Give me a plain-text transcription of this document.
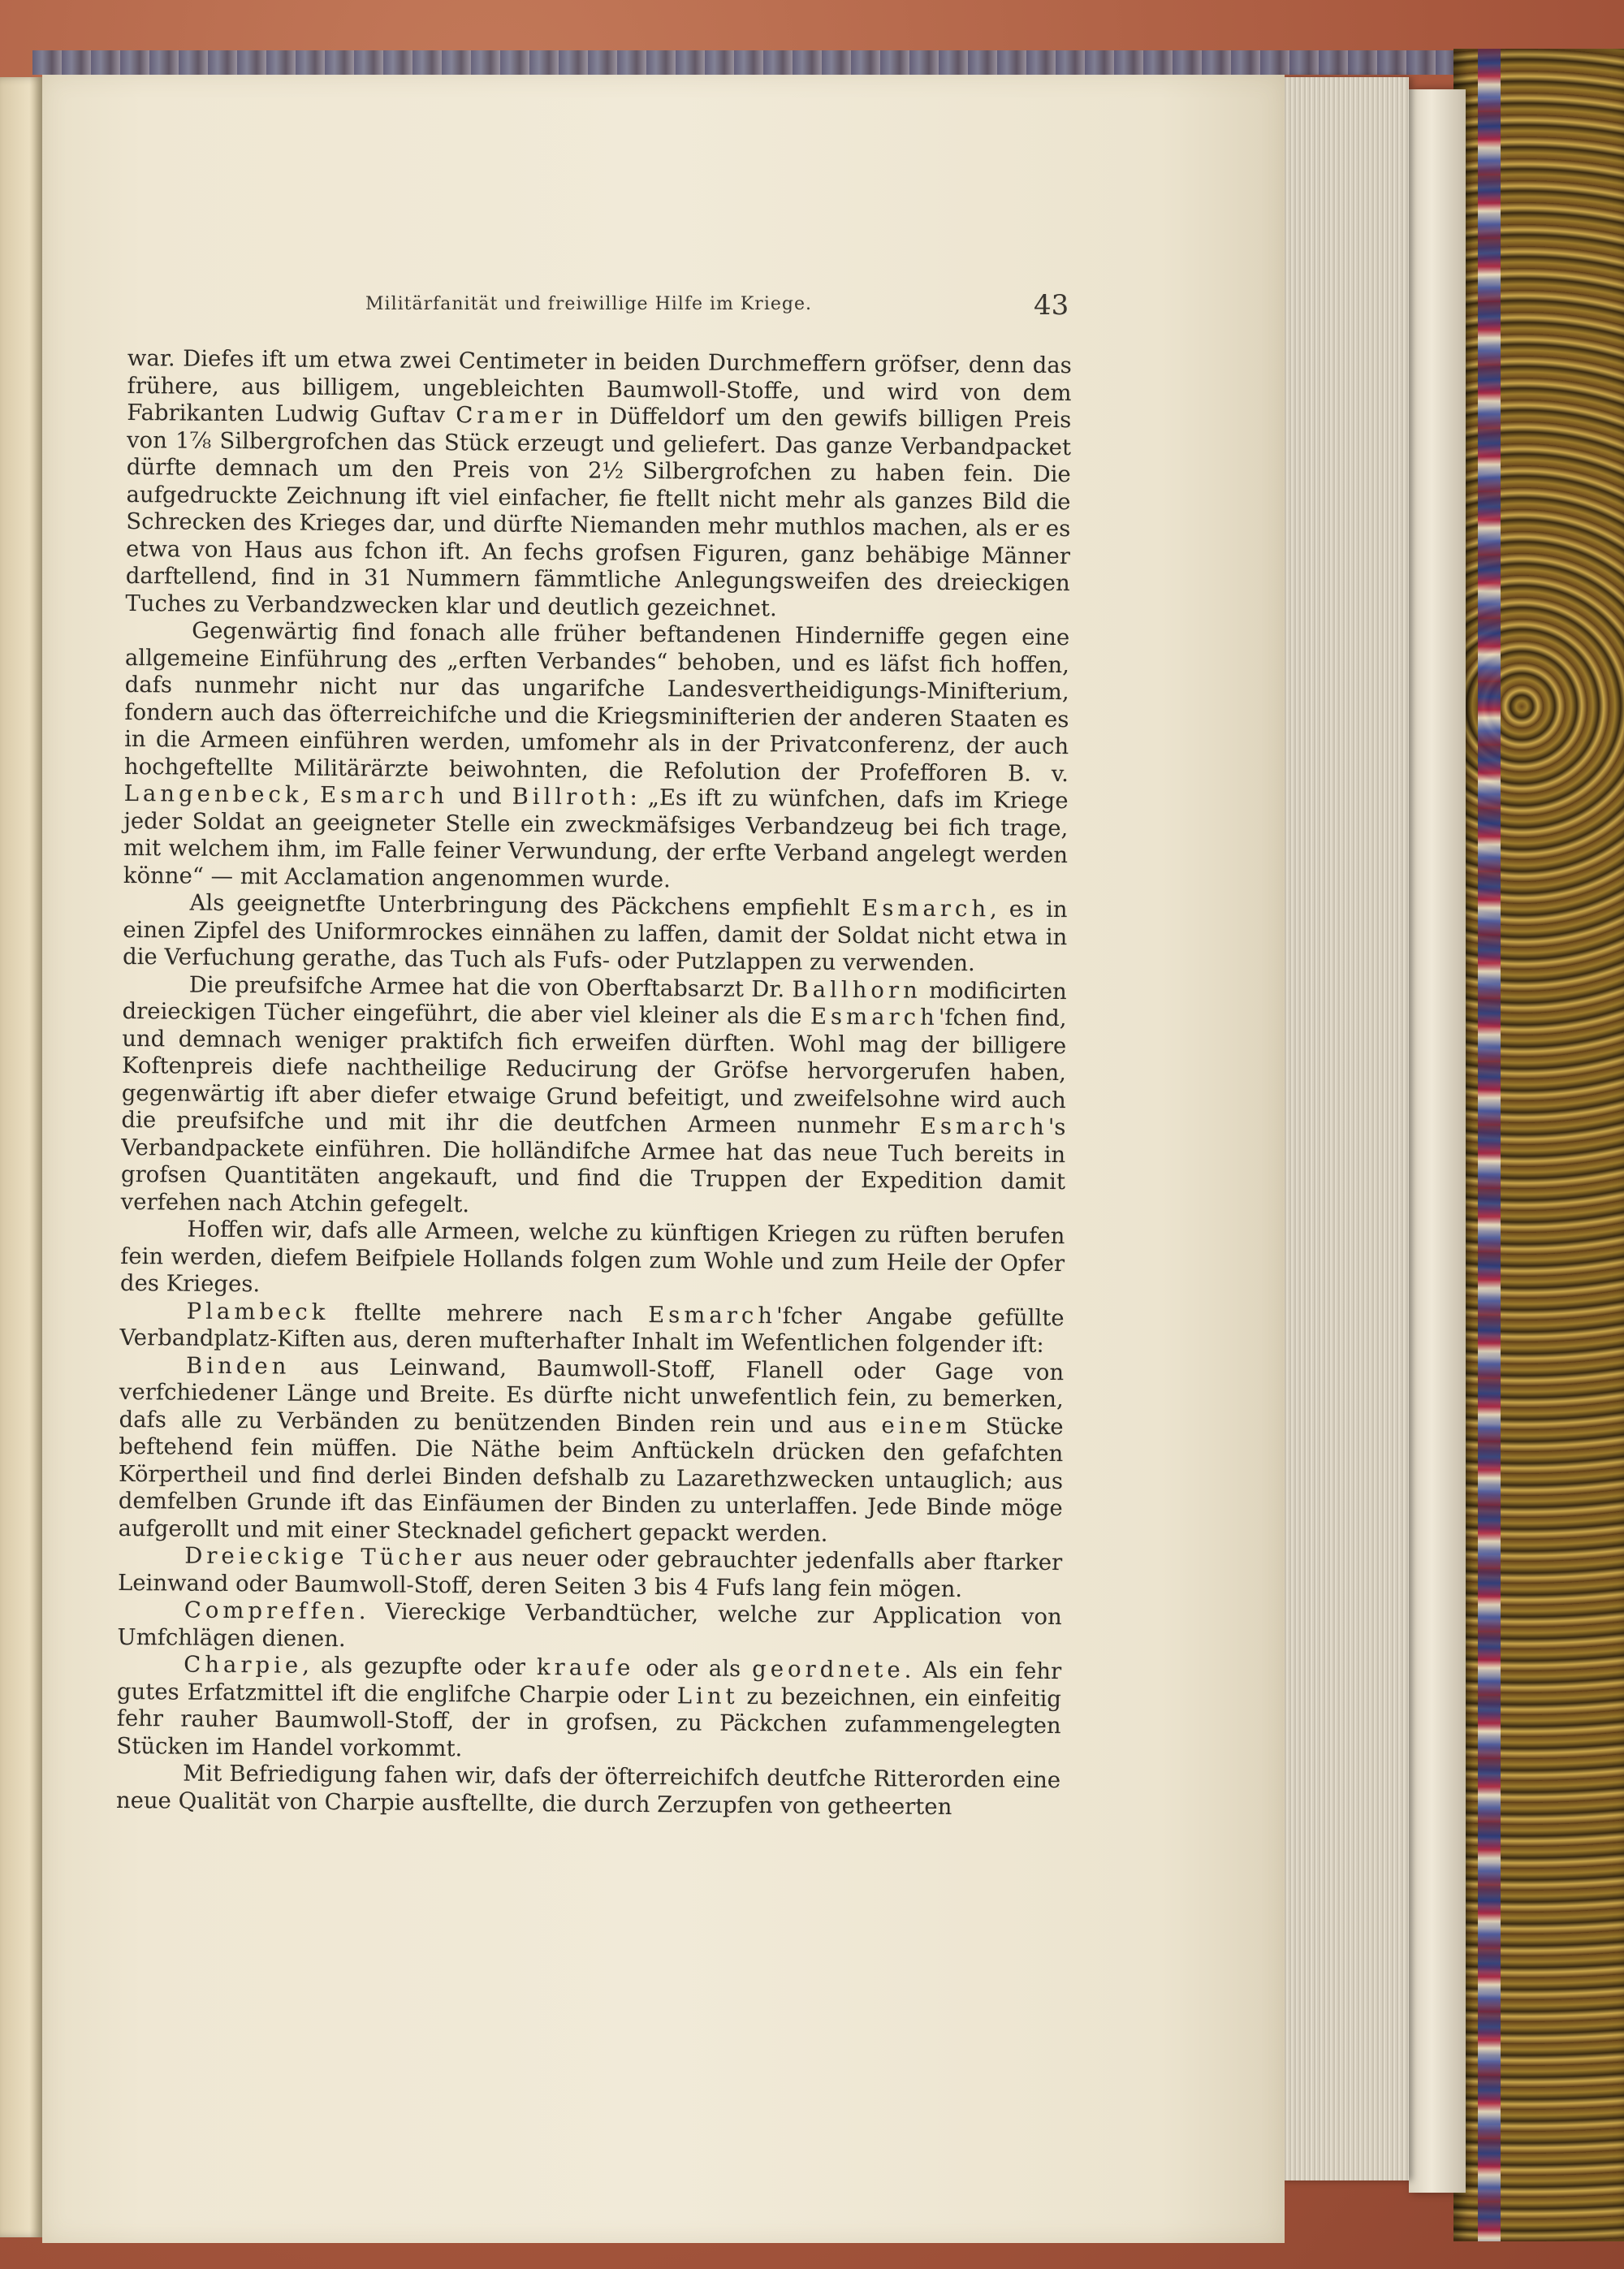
Militärfanität und freiwillige Hilfe im Kriege.	43

war. Diefes ift um etwa zwei Centimeter in beiden Durchmeffern gröfser, denn das frühere, aus billigem, ungebleichten Baumwoll-Stoffe, und wird von dem Fabrikanten Ludwig Guftav Cramer in Düffeldorf um den gewifs billigen Preis von 1⅞ Silbergrofchen das Stück erzeugt und geliefert. Das ganze Verbandpacket dürfte demnach um den Preis von 2½ Silbergrofchen zu haben fein. Die aufgedruckte Zeichnung ift viel einfacher, fie ftellt nicht mehr als ganzes Bild die Schrecken des Krieges dar, und dürfte Niemanden mehr muthlos machen, als er es etwa von Haus aus fchon ift. An fechs grofsen Figuren, ganz behäbige Männer darftellend, find in 31 Nummern fämmtliche Anlegungsweifen des dreieckigen Tuches zu Verbandzwecken klar und deutlich gezeichnet.

Gegenwärtig find fonach alle früher beftandenen Hinderniffe gegen eine allgemeine Einführung des „erften Verbandes“ behoben, und es läfst fich hoffen, dafs nunmehr nicht nur das ungarifche Landesvertheidigungs-Minifterium, fondern auch das öfterreichifche und die Kriegsminifterien der anderen Staaten es in die Armeen einführen werden, umfomehr als in der Privatconferenz, der auch hochgeftellte Militärärzte beiwohnten, die Refolution der Profefforen B. v. Langenbeck, Esmarch und Billroth: „Es ift zu wünfchen, dafs im Kriege jeder Soldat an geeigneter Stelle ein zweckmäfsiges Verbandzeug bei fich trage, mit welchem ihm, im Falle feiner Verwundung, der erfte Verband angelegt werden könne“ — mit Acclamation angenommen wurde.

Als geeignetfte Unterbringung des Päckchens empfiehlt Esmarch, es in einen Zipfel des Uniformrockes einnähen zu laffen, damit der Soldat nicht etwa in die Verfuchung gerathe, das Tuch als Fufs- oder Putzlappen zu verwenden.

Die preufsifche Armee hat die von Oberftabsarzt Dr. Ballhorn modificirten dreieckigen Tücher eingeführt, die aber viel kleiner als die Esmarch'fchen find, und demnach weniger praktifch fich erweifen dürften. Wohl mag der billigere Koftenpreis diefe nachtheilige Reducirung der Gröfse hervorgerufen haben, gegenwärtig ift aber diefer etwaige Grund befeitigt, und zweifelsohne wird auch die preufsifche und mit ihr die deutfchen Armeen nunmehr Esmarch's Verbandpackete einführen. Die holländifche Armee hat das neue Tuch bereits in grofsen Quantitäten angekauft, und find die Truppen der Expedition damit verfehen nach Atchin gefegelt.

Hoffen wir, dafs alle Armeen, welche zu künftigen Kriegen zu rüften berufen fein werden, diefem Beifpiele Hollands folgen zum Wohle und zum Heile der Opfer des Krieges.

Plambeck ftellte mehrere nach Esmarch'fcher Angabe gefüllte Verbandplatz-Kiften aus, deren mufterhafter Inhalt im Wefentlichen folgender ift:

Binden aus Leinwand, Baumwoll-Stoff, Flanell oder Gage von verfchiedener Länge und Breite. Es dürfte nicht unwefentlich fein, zu bemerken, dafs alle zu Verbänden zu benützenden Binden rein und aus einem Stücke beftehend fein müffen. Die Näthe beim Anftückeln drücken den gefafchten Körpertheil und find derlei Binden defshalb zu Lazarethzwecken untauglich; aus demfelben Grunde ift das Einfäumen der Binden zu unterlaffen. Jede Binde möge aufgerollt und mit einer Stecknadel gefichert gepackt werden.

Dreieckige Tücher aus neuer oder gebrauchter jedenfalls aber ftarker Leinwand oder Baumwoll-Stoff, deren Seiten 3 bis 4 Fufs lang fein mögen.

Compreffen. Viereckige Verbandtücher, welche zur Application von Umfchlägen dienen.

Charpie, als gezupfte oder kraufe oder als geordnete. Als ein fehr gutes Erfatzmittel ift die englifche Charpie oder Lint zu bezeichnen, ein einfeitig fehr rauher Baumwoll-Stoff, der in grofsen, zu Päckchen zufammengelegten Stücken im Handel vorkommt.

Mit Befriedigung fahen wir, dafs der öfterreichifch deutfche Ritterorden eine neue Qualität von Charpie ausftellte, die durch Zerzupfen von getheerten
